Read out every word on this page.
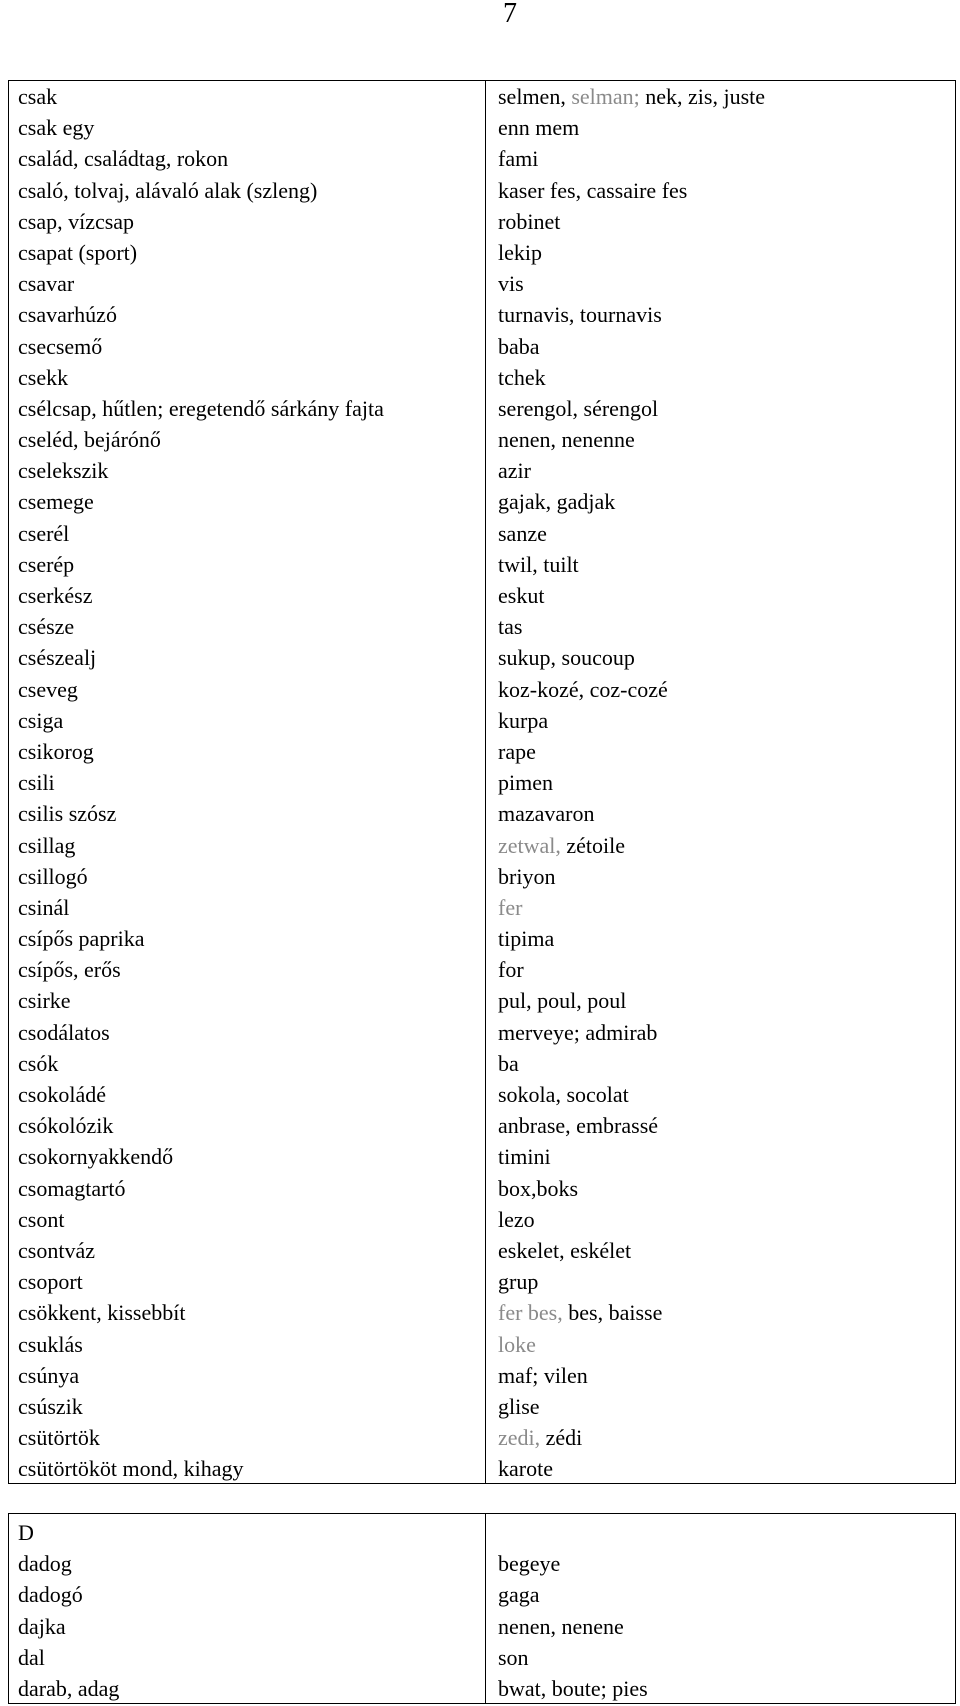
7
csak
csak egy
család, családtag, rokon
csaló, tolvaj, alávaló alak (szleng)
csap, vízcsap
csapat (sport)
csavar
csavarhúzó
csecsemő
csekk
csélcsap, hűtlen; eregetendő sárkány fajta
cseléd, bejárónő
cselekszik
csemege
cserél
cserép
cserkész
csésze
csészealj
cseveg
csiga
csikorog
csili
csilis szósz
csillag
csillogó
csinál
csípős paprika
csípős, erős
csirke
csodálatos
csók
csokoládé
csókolózik
csokornyakkendő
csomagtartó
csont
csontváz
csoport
csökkent, kissebbít
csuklás
csúnya
csúszik
csütörtök
csütörtököt mond, kihagy
selmen, selman; nek, zis, juste
enn mem
fami
kaser fes, cassaire fes
robinet
lekip
vis
turnavis, tournavis
baba
tchek
serengol, sérengol
nenen, nenenne
azir
gajak, gadjak
sanze
twil, tuilt
eskut
tas
sukup, soucoup
koz-kozé, coz-cozé
kurpa
rape
pimen
mazavaron
zetwal, zétoile
briyon
fer
tipima
for
pul, poul, poul
merveye; admirab
ba
sokola, socolat
anbrase, embrassé
timini
box,boks
lezo
eskelet, eskélet
grup
fer bes, bes, baisse
loke
maf; vilen
glise
zedi, zédi
karote
D
dadog
dadogó
dajka
dal
darab, adag
begeye
gaga
nenen, nenene
son
bwat, boute; pies
